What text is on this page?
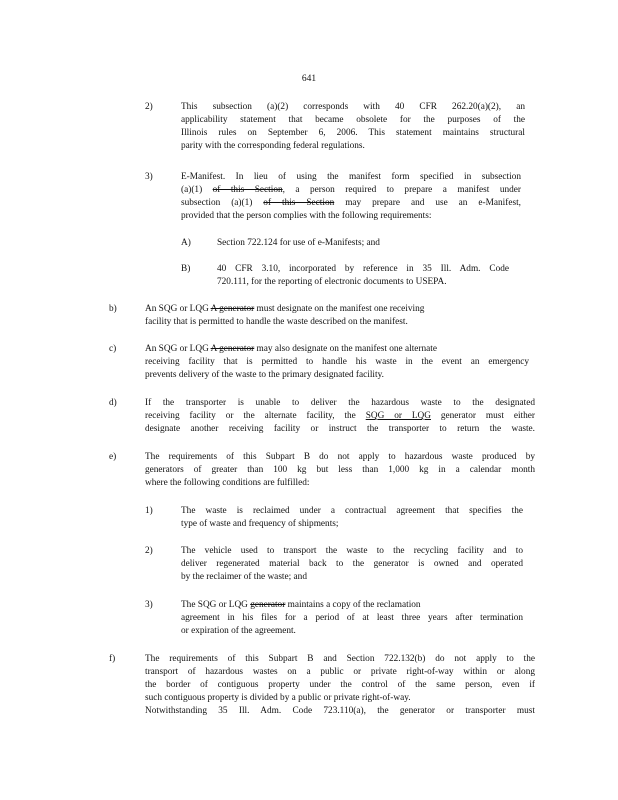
641
2)	This subsection (a)(2) corresponds with 40 CFR 262.20(a)(2), an
applicability statement that became obsolete for the purposes of the
Illinois rules on September 6, 2006. This statement maintains structural
parity with the corresponding federal regulations.
3)	E-Manifest. In lieu of using the manifest form specified in subsection
(a)(1) of this Section, a person required to prepare a manifest under
subsection (a)(1) of this Section may prepare and use an e-Manifest,
provided that the person complies with the following requirements:
A)	Section 722.124 for use of e-Manifests; and
B)	40 CFR 3.10, incorporated by reference in 35 Ill. Adm. Code
720.111, for the reporting of electronic documents to USEPA.
b)	An SQG or LQG A generator must designate on the manifest one receiving
facility that is permitted to handle the waste described on the manifest.
c)	An SQG or LQG A generator may also designate on the manifest one alternate
receiving facility that is permitted to handle his waste in the event an emergency
prevents delivery of the waste to the primary designated facility.
d)	If the transporter is unable to deliver the hazardous waste to the designated
receiving facility or the alternate facility, the SQG or LQG generator must either
designate another receiving facility or instruct the transporter to return the waste.
e)	The requirements of this Subpart B do not apply to hazardous waste produced by
generators of greater than 100 kg but less than 1,000 kg in a calendar month
where the following conditions are fulfilled:
1)	The waste is reclaimed under a contractual agreement that specifies the
type of waste and frequency of shipments;
2)	The vehicle used to transport the waste to the recycling facility and to
deliver regenerated material back to the generator is owned and operated
by the reclaimer of the waste; and
3)	The SQG or LQG generator maintains a copy of the reclamation
agreement in his files for a period of at least three years after termination
or expiration of the agreement.
f)	The requirements of this Subpart B and Section 722.132(b) do not apply to the
transport of hazardous wastes on a public or private right-of-way within or along
the border of contiguous property under the control of the same person, even if
such contiguous property is divided by a public or private right-of-way.
Notwithstanding 35 Ill. Adm. Code 723.110(a), the generator or transporter must
